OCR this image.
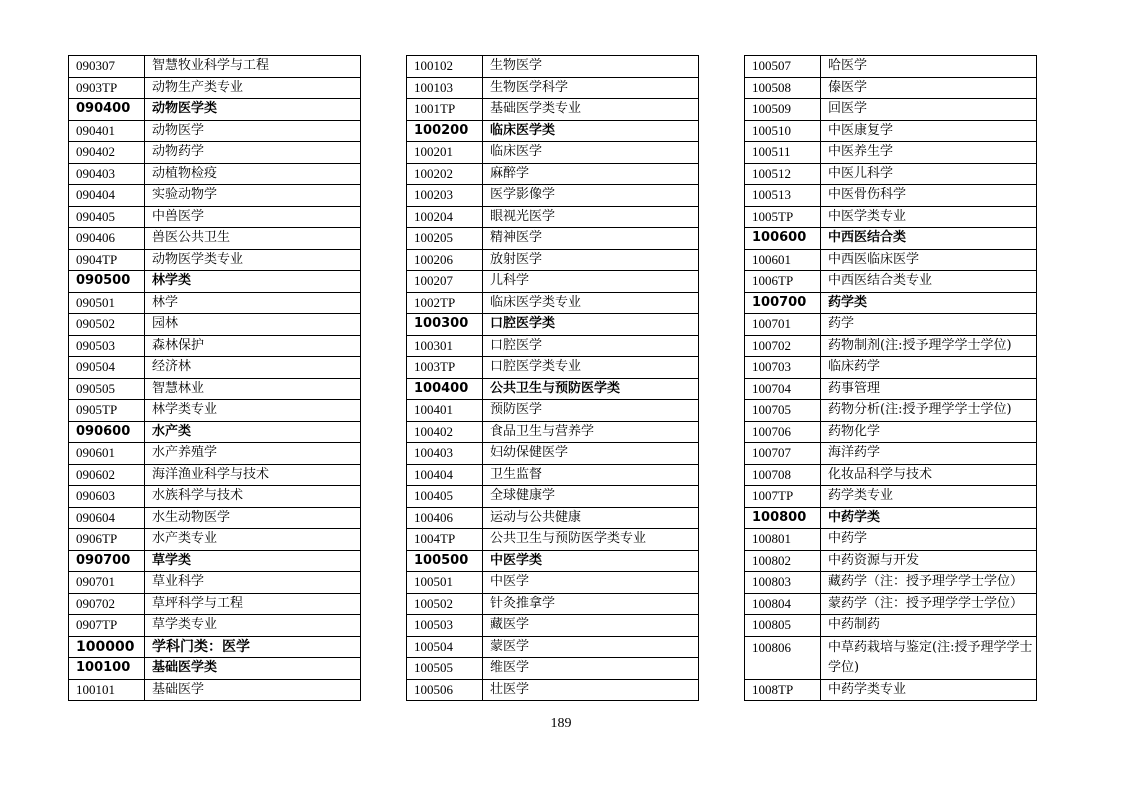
090307	智慧牧业科学与工程
0903TP	动物生产类专业
090400	动物医学类
090401	动物医学
090402	动物药学
090403	动植物检疫
090404	实验动物学
090405	中兽医学
090406	兽医公共卫生
0904TP	动物医学类专业
090500	林学类
090501	林学
090502	园林
090503	森林保护
090504	经济林
090505	智慧林业
0905TP	林学类专业
090600	水产类
090601	水产养殖学
090602	海洋渔业科学与技术
090603	水族科学与技术
090604	水生动物医学
0906TP	水产类专业
090700	草学类
090701	草业科学
090702	草坪科学与工程
0907TP	草学类专业
100000	学科门类：医学
100100	基础医学类
100101	基础医学
100102	生物医学
100103	生物医学科学
1001TP	基础医学类专业
100200	临床医学类
100201	临床医学
100202	麻醉学
100203	医学影像学
100204	眼视光医学
100205	精神医学
100206	放射医学
100207	儿科学
1002TP	临床医学类专业
100300	口腔医学类
100301	口腔医学
1003TP	口腔医学类专业
100400	公共卫生与预防医学类
100401	预防医学
100402	食品卫生与营养学
100403	妇幼保健医学
100404	卫生监督
100405	全球健康学
100406	运动与公共健康
1004TP	公共卫生与预防医学类专业
100500	中医学类
100501	中医学
100502	针灸推拿学
100503	藏医学
100504	蒙医学
100505	维医学
100506	壮医学
100507	哈医学
100508	傣医学
100509	回医学
100510	中医康复学
100511	中医养生学
100512	中医儿科学
100513	中医骨伤科学
1005TP	中医学类专业
100600	中西医结合类
100601	中西医临床医学
1006TP	中西医结合类专业
100700	药学类
100701	药学
100702	药物制剂(注:授予理学学士学位)
100703	临床药学
100704	药事管理
100705	药物分析(注:授予理学学士学位)
100706	药物化学
100707	海洋药学
100708	化妆品科学与技术
1007TP	药学类专业
100800	中药学类
100801	中药学
100802	中药资源与开发
100803	藏药学（注：授予理学学士学位）
100804	蒙药学（注：授予理学学士学位）
100805	中药制药
100806	中草药栽培与鉴定(注:授予理学学士学位)
1008TP	中药学类专业
189
